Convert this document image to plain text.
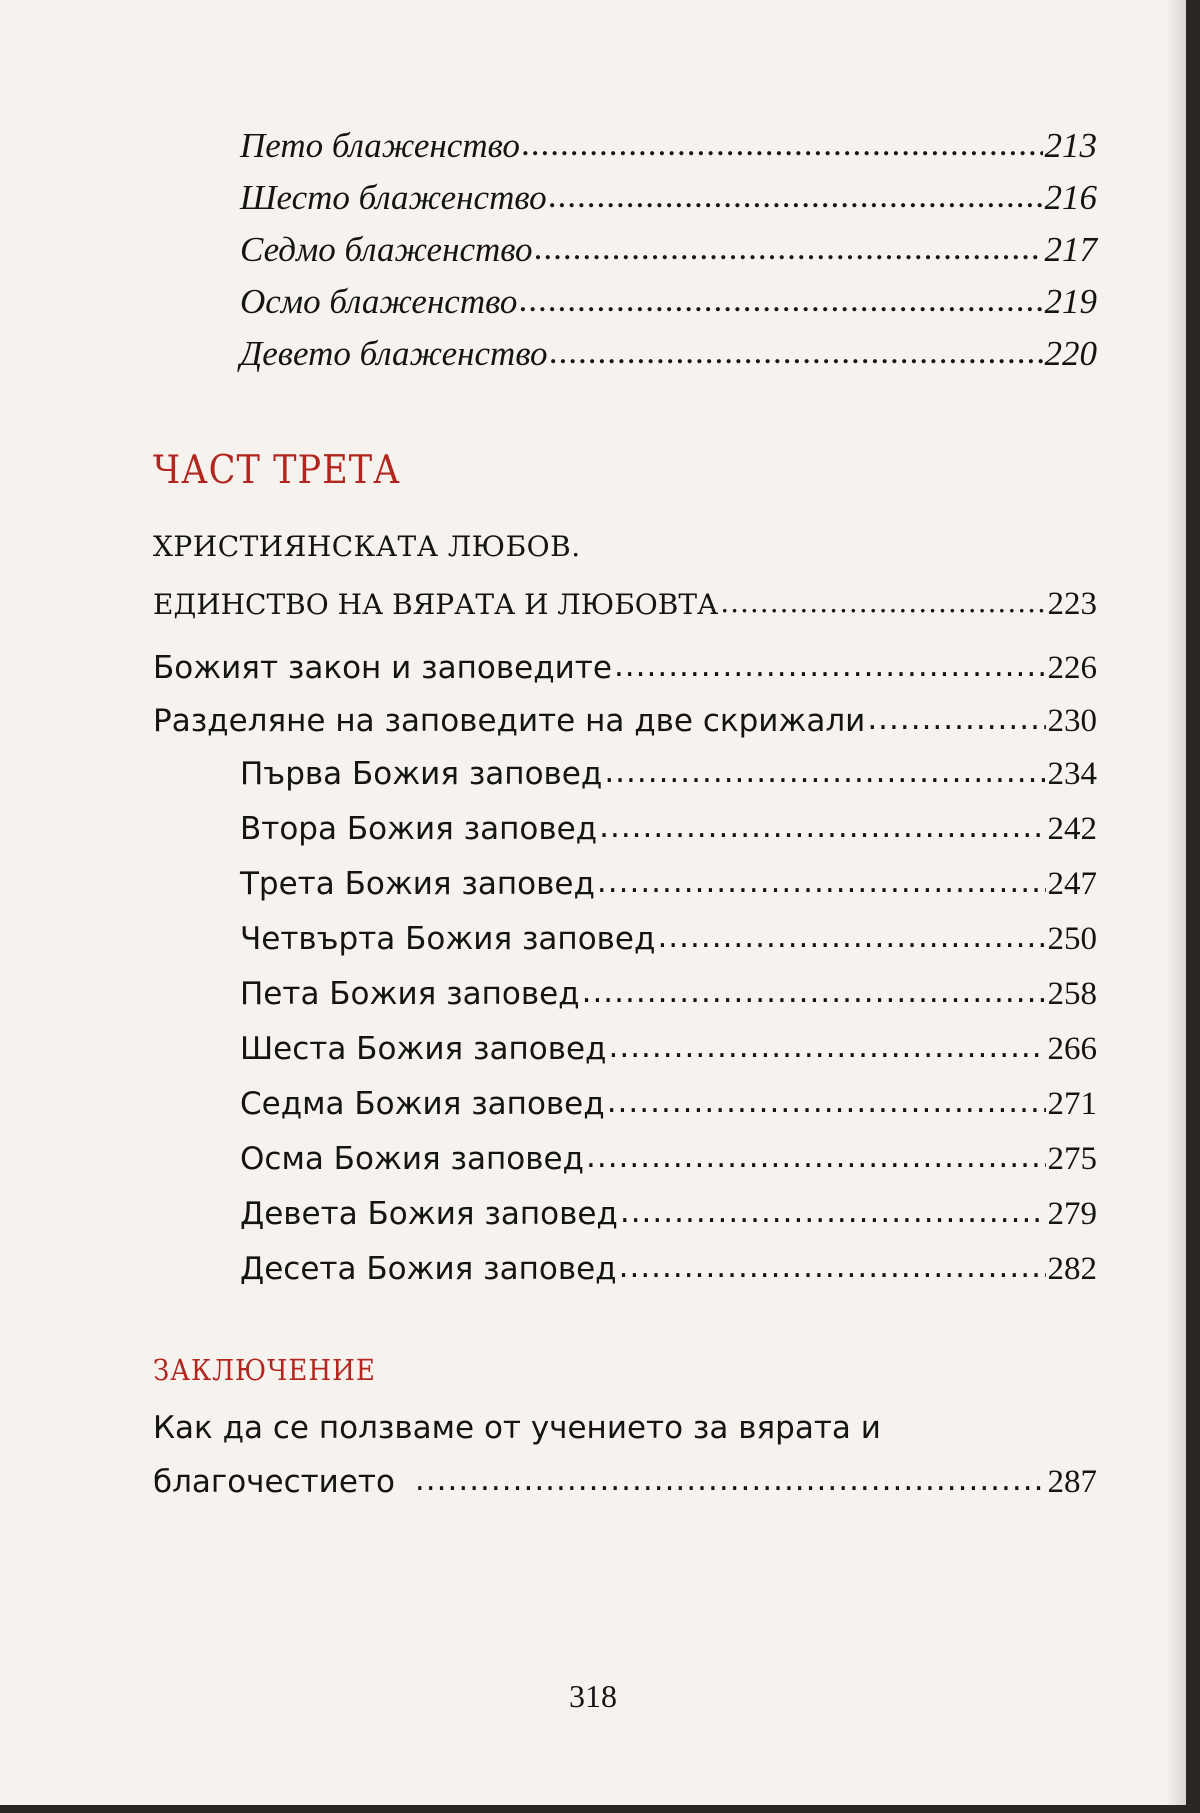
Пето блаженство .....	213
Шесто блаженство .....	216
Седмо блаженство .....	217
Осмо блаженство .....	219
Девето блаженство .....	220
ЧАСТ ТРЕТА
ХРИСТИЯНСКАТА ЛЮБОВ.
ЕДИНСТВО НА ВЯРАТА И ЛЮБОВТА .....	223
Божият закон и заповедите .....	226
Разделяне на заповедите на две скрижали .....	230
Първа Божия заповед .....	234
Втора Божия заповед .....	242
Трета Божия заповед .....	247
Четвърта Божия заповед .....	250
Пета Божия заповед .....	258
Шеста Божия заповед .....	266
Седма Божия заповед .....	271
Осма Божия заповед .....	275
Девета Божия заповед .....	279
Десета Божия заповед .....	282
ЗАКЛЮЧЕНИЕ
Как да се ползваме от учението за вярата и
благочестието .....	287
318
